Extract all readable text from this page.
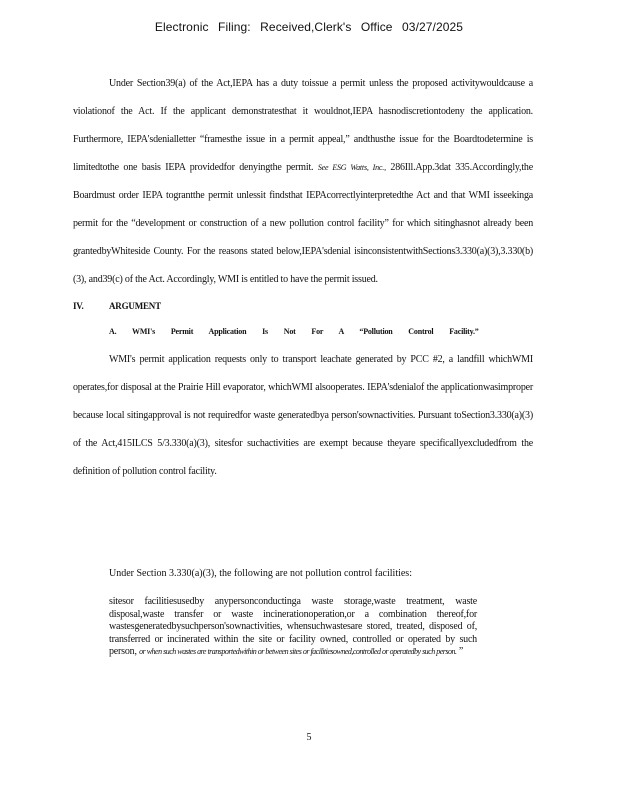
Electronic Filing: Received,Clerk's Office 03/27/2025

Under Section39(a) of the Act,IEPA has a duty toissue a permit unless the proposed activitywouldcause a violationof the Act. If the applicant demonstratesthat it wouldnot,IEPA hasnodiscretiontodeny the application. Furthermore, IEPA'sdenialletter “framesthe issue in a permit appeal,” andthusthe issue for the Boardtodetermine is limitedtothe one basis IEPA providedfor denyingthe permit. See ESG Watts, Inc., 286Ill.App.3dat 335.Accordingly,the Boardmust order IEPA tograntthe permit unlessit findsthat IEPAcorrectlyinterpretedthe Act and that WMI isseekinga permit for the “development or construction of a new pollution control facility” for which sitinghasnot already been grantedbyWhiteside County. For the reasons stated below,IEPA'sdenial isinconsistentwithSections3.330(a)(3),3.330(b)(3), and39(c) of the Act. Accordingly, WMI is entitled to have the permit issued.

IV.	ARGUMENT

A. WMI's Permit Application Is Not For A “Pollution Control Facility.”

WMI's permit application requests only to transport leachate generated by PCC #2, a landfill whichWMI operates,for disposal at the Prairie Hill evaporator, whichWMI alsooperates. IEPA'sdenialof the applicationwasimproper because local sitingapproval is not requiredfor waste generatedbya person'sownactivities. Pursuant toSection3.330(a)(3) of the Act,415ILCS 5/3.330(a)(3), sitesfor suchactivities are exempt because theyare specificallyexcludedfrom the definition of pollution control facility.

Under Section 3.330(a)(3), the following are not pollution control facilities:
sitesor facilitiesusedby anypersonconductinga waste storage,waste treatment, waste disposal,waste transfer or waste incinerationoperation,or a combination thereof,for wastesgeneratedbysuchperson'sownactivities, whensuchwastesare stored, treated, disposed of, transferred or incinerated within the site or facility owned, controlled or operated by such person, or when such wastes are transportedwithin or between sites or facilitiesowned,controlled or operatedby such person. ”
5
